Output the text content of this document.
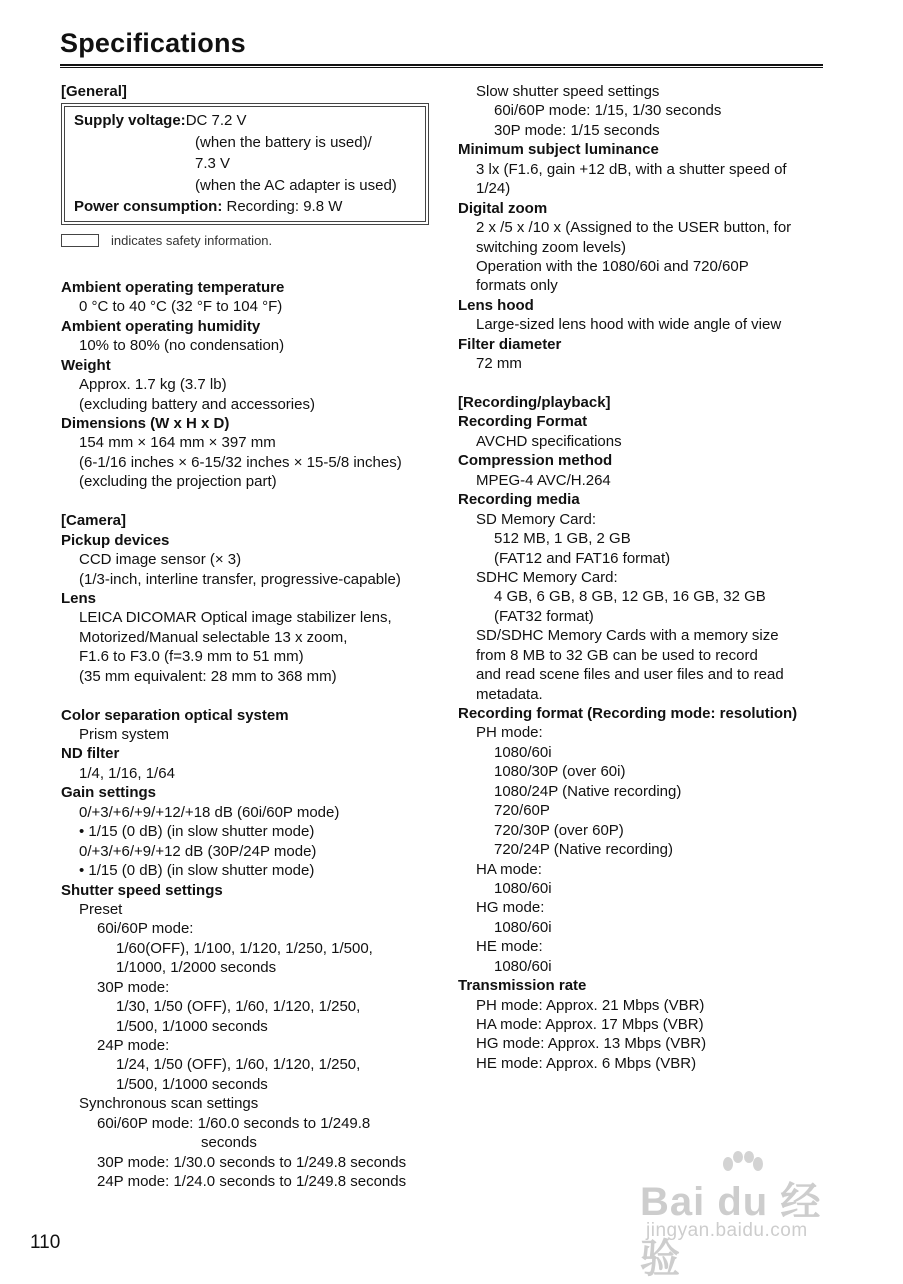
Specifications
[General]
Supply voltage:DC 7.2 V
(when the battery is used)/
7.3 V
(when the AC adapter is used)
Power consumption: Recording: 9.8 W
indicates safety information.
Ambient operating temperature
0 °C to 40 °C (32 °F to 104 °F)
Ambient operating humidity
10% to 80% (no condensation)
Weight
Approx. 1.7 kg (3.7 lb)
(excluding battery and accessories)
Dimensions (W x H x D)
154 mm × 164 mm × 397 mm
(6-1/16 inches × 6-15/32 inches × 15-5/8 inches)
(excluding the projection part)
[Camera]
Pickup devices
CCD image sensor (× 3)
(1/3-inch, interline transfer, progressive-capable)
Lens
LEICA DICOMAR Optical image stabilizer lens,
Motorized/Manual selectable 13 x zoom,
F1.6 to F3.0 (f=3.9 mm to 51 mm)
(35 mm equivalent: 28 mm to 368 mm)
Color separation optical system
Prism system
ND filter
1/4, 1/16, 1/64
Gain settings
0/+3/+6/+9/+12/+18 dB (60i/60P mode)
• 1/15 (0 dB) (in slow shutter mode)
0/+3/+6/+9/+12 dB (30P/24P mode)
• 1/15 (0 dB) (in slow shutter mode)
Shutter speed settings
Preset
60i/60P mode:
1/60(OFF), 1/100, 1/120, 1/250, 1/500,
1/1000, 1/2000 seconds
30P mode:
1/30, 1/50 (OFF), 1/60, 1/120, 1/250,
1/500, 1/1000 seconds
24P mode:
1/24, 1/50 (OFF), 1/60, 1/120, 1/250,
1/500, 1/1000 seconds
Synchronous scan settings
60i/60P mode: 1/60.0 seconds to 1/249.8
seconds
30P mode: 1/30.0 seconds to 1/249.8 seconds
24P mode: 1/24.0 seconds to 1/249.8 seconds
Slow shutter speed settings
60i/60P mode: 1/15, 1/30 seconds
30P mode: 1/15 seconds
Minimum subject luminance
3 lx (F1.6, gain +12 dB, with a shutter speed of
1/24)
Digital zoom
2 x /5 x /10 x (Assigned to the USER button, for
switching zoom levels)
Operation with the 1080/60i and 720/60P
formats only
Lens hood
Large-sized lens hood with wide angle of view
Filter diameter
72 mm
[Recording/playback]
Recording Format
AVCHD specifications
Compression method
MPEG-4 AVC/H.264
Recording media
SD Memory Card:
512 MB, 1 GB, 2 GB
(FAT12 and FAT16 format)
SDHC Memory Card:
4 GB, 6 GB, 8 GB, 12 GB, 16 GB, 32 GB
(FAT32 format)
SD/SDHC Memory Cards with a memory size
from 8 MB to 32 GB can be used to record
and read scene files and user files and to read
metadata.
Recording format (Recording mode: resolution)
PH mode:
1080/60i
1080/30P (over 60i)
1080/24P (Native recording)
720/60P
720/30P (over 60P)
720/24P (Native recording)
HA mode:
1080/60i
HG mode:
1080/60i
HE mode:
1080/60i
Transmission rate
PH mode: Approx. 21 Mbps (VBR)
HA mode: Approx. 17 Mbps (VBR)
HG mode: Approx. 13 Mbps (VBR)
HE mode: Approx. 6 Mbps (VBR)
110
Bai du 经验
jingyan.baidu.com
